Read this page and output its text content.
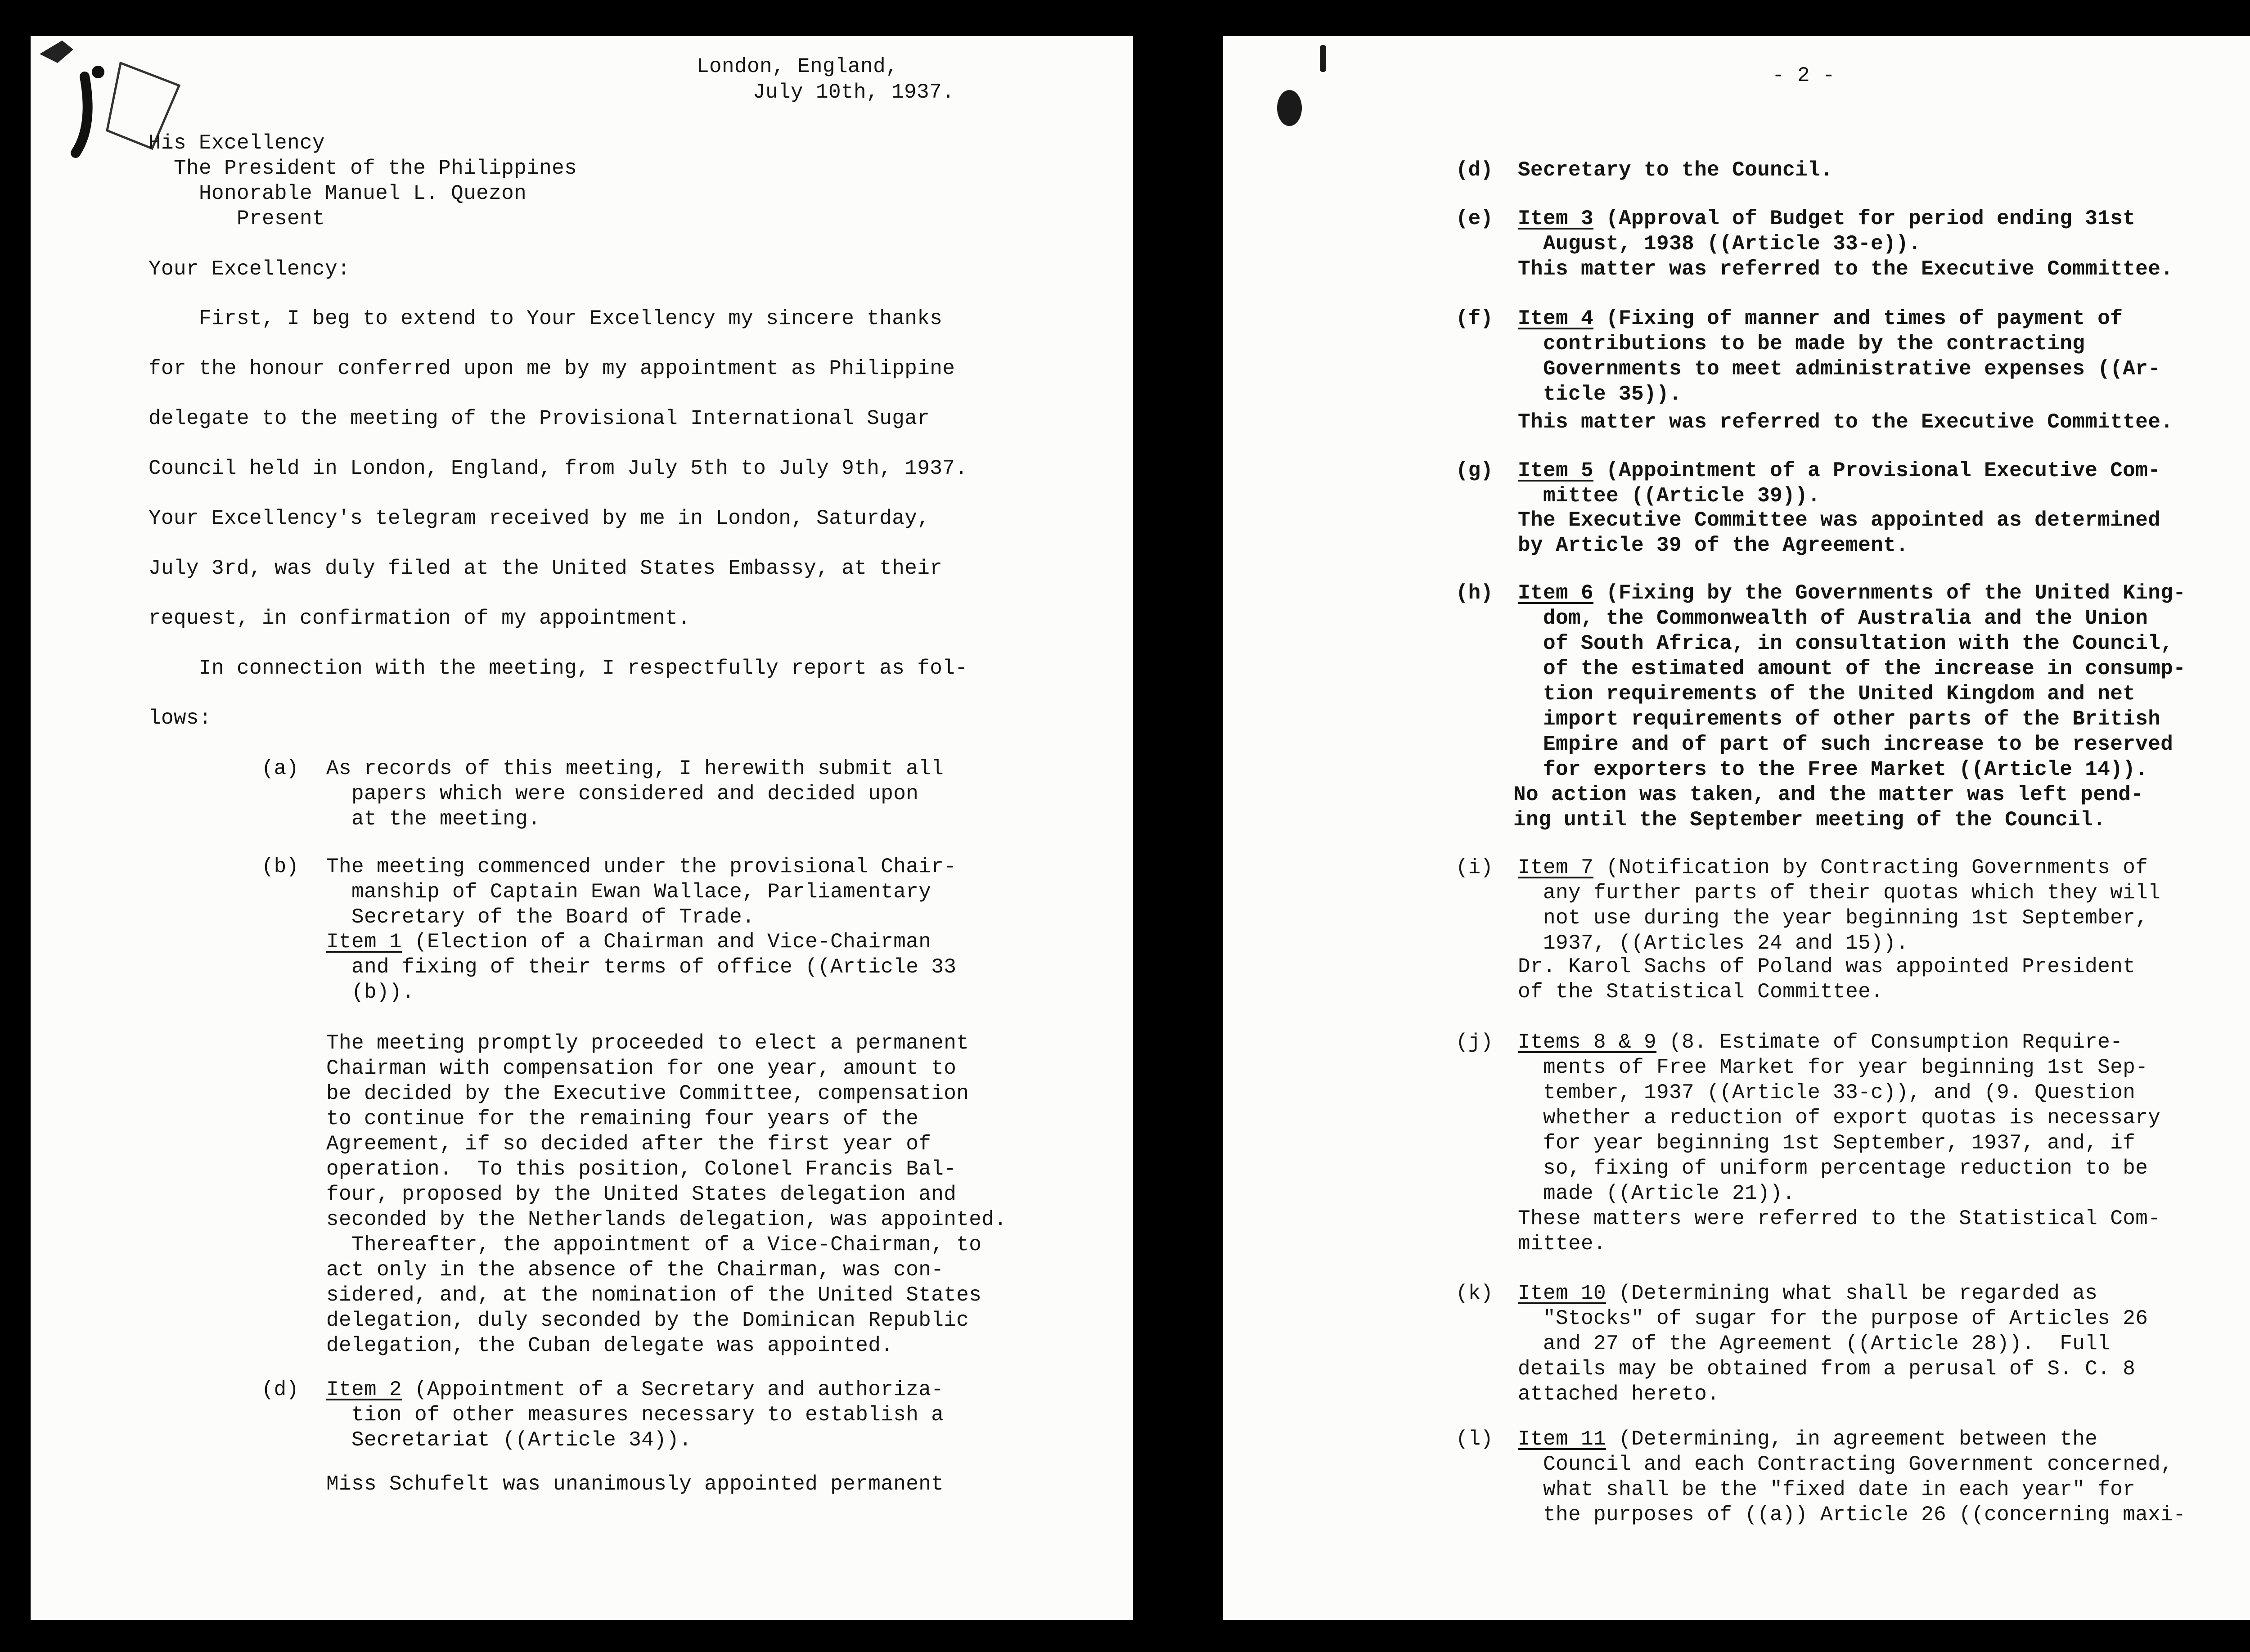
London, England,

July 10th, 1937.

His Excellency

The President of the Philippines

Honorable Manuel L. Quezon

Present

Your Excellency:

First, I beg to extend to Your Excellency my sincere thanks
for the honour conferred upon me by my appointment as Philippine
delegate to the meeting of the Provisional International Sugar
Council held in London, England, from July 5th to July 9th, 1937.
Your Excellency's telegram received by me in London, Saturday,
July 3rd, was duly filed at the United States Embassy, at their
request, in confirmation of my appointment.

In connection with the meeting, I respectfully report as fol-
lows:

(a) As records of this meeting, I herewith submit all
papers which were considered and decided upon
at the meeting.

(b) The meeting commenced under the provisional Chair-
manship of Captain Ewan Wallace, Parliamentary
Secretary of the Board of Trade.

Item 1 (Election of a Chairman and Vice-Chairman
and fixing of their terms of office ((Article 33
(b)).

The meeting promptly proceeded to elect a permanent
Chairman with compensation for one year, amount to
be decided by the Executive Committee, compensation
to continue for the remaining four years of the
Agreement, if so decided after the first year of
operation.  To this position, Colonel Francis Bal-
four, proposed by the United States delegation and
seconded by the Netherlands delegation, was appointed.
Thereafter, the appointment of a Vice-Chairman, to
act only in the absence of the Chairman, was con-
sidered, and, at the nomination of the United States
delegation, duly seconded by the Dominican Republic
delegation, the Cuban delegate was appointed.

(d) Item 2 (Appointment of a Secretary and authoriza-
tion of other measures necessary to establish a
Secretariat ((Article 34)).

Miss Schufelt was unanimously appointed permanent

- 2 -

(d) Secretary to the Council.

(e) Item 3 (Approval of Budget for period ending 31st
August, 1938 ((Article 33-e)).

This matter was referred to the Executive Committee.

(f) Item 4 (Fixing of manner and times of payment of
contributions to be made by the contracting
Governments to meet administrative expenses ((Ar-
ticle 35)).

This matter was referred to the Executive Committee.

(g) Item 5 (Appointment of a Provisional Executive Com-
mittee ((Article 39)).

The Executive Committee was appointed as determined
by Article 39 of the Agreement.

(h) Item 6 (Fixing by the Governments of the United King-
dom, the Commonwealth of Australia and the Union
of South Africa, in consultation with the Council,
of the estimated amount of the increase in consump-
tion requirements of the United Kingdom and net
import requirements of other parts of the British
Empire and of part of such increase to be reserved
for exporters to the Free Market ((Article 14)).

No action was taken, and the matter was left pend-
ing until the September meeting of the Council.

(i) Item 7 (Notification by Contracting Governments of
any further parts of their quotas which they will
not use during the year beginning 1st September,
1937, ((Articles 24 and 15)).

Dr. Karol Sachs of Poland was appointed President
of the Statistical Committee.

(j) Items 8 & 9 (8. Estimate of Consumption Require-
ments of Free Market for year beginning 1st Sep-
tember, 1937 ((Article 33-c)), and (9. Question
whether a reduction of export quotas is necessary
for year beginning 1st September, 1937, and, if
so, fixing of uniform percentage reduction to be
made ((Article 21)).

These matters were referred to the Statistical Com-
mittee.

(k) Item 10 (Determining what shall be regarded as
"Stocks" of sugar for the purpose of Articles 26
and 27 of the Agreement ((Article 28)).  Full
details may be obtained from a perusal of S. C. 8
attached hereto.

(l) Item 11 (Determining, in agreement between the
Council and each Contracting Government concerned,
what shall be the "fixed date in each year" for
the purposes of ((a)) Article 26 ((concerning maxi-
